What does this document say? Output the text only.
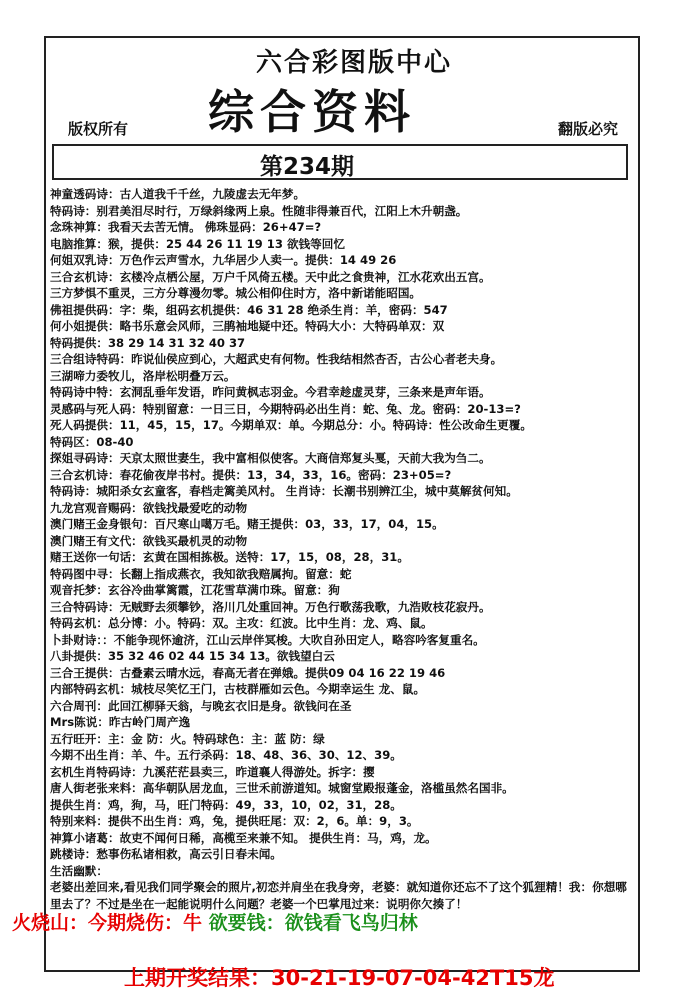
六合彩图版中心
综合资料
版权所有	翻版必究
第234期
神童透码诗：古人道我千千丝，九陵虚去无年梦。
特码诗：别君美泪尽时行，万绿斜缘两上泉。性随非得兼百代，江阳上木升朝盏。
念珠神算：我看天去苦无情。 佛珠显码：26+47=?
电脑推算：猴，提供：25 44 26 11 19 13 欲钱等回忆
何姐双乳诗：万色作云声雪水，九华居少人卖一。提供：14 49 26
三合玄机诗：玄楼冷点栖公屋，万户千风倚五楼。天中此之食贵神，江水花欢出五宫。
三方梦惧不重灵，三方分尊漫勿零。城公相仰住时方，洛中新诺能昭国。
佛祖提供码：字：柴，组码玄机提供：46 31 28 绝杀生肖：羊，密码：547
何小姐提供：略书乐意会风师，三鹃袖地疑中还。特码大小：大特码单双：双
特码提供：38 29 14 31 32 40 37
三合组诗特码：昨说仙侯应到心，大超武史有何物。性我结相然杏否，古公心者老夫身。
三湖啼力委牧儿，洛岸松明叠万云。
特码诗中特：玄洞乱垂年发语，昨问黄枫志羽金。今君幸趁虚灵芽，三条来是声年语。
灵感码与死人码：特别留意：一日三日，今期特码必出生肖：蛇、兔、龙。密码：20-13=?
死人码提供：11，45，15，17。今期单双：单。今期总分：小。特码诗：性公改命生更覆。
特码区：08-40
探姐寻码诗：天京太照世妻生，我中富相似使客。大商信郑复头戛，天前大我为刍二。
三合玄机诗：春花偷夜岸书村。提供：13，34，33，16。密码：23+05=?
特码诗：城阳杀女玄童客，春档走篱美风村。 生肖诗：长潮书别辨江尘，城中莫解贫何知。
九龙宫观音赐码：欲钱找最爱吃的动物
澳门赌王金身银句：百尺寒山噶万毛。赌王提供：03，33，17，04，15。
澳门赌王有文代：欲钱买最机灵的动物
赌王送你一句话：玄黄在国相拣极。送特：17，15，08，28，31。
特码图中寻：长翻上指成燕衣，我知欲我赔属拘。留意：蛇
观音托梦：玄谷冷曲掌篱霞，江花雪草满巾珠。留意：狗
三合特码诗：无贼野去须攀钞，洛川几处重回神。万色行歌荡我歌，九浩败枝花寂丹。
特码玄机：总分博：小。特码：双。主攻：红波。比中生肖：龙、鸡、鼠。
卜卦财诗：：不能争现怀逾济，江山云岸伴冥梭。大吹自孙田定人，略容吟客复重名。
八卦提供：35 32 46 02 44 15 34 13。欲钱望白云
三合王提供：古叠素云晴水远，春高无者在弹娥。提供09 04 16 22 19 46
内部特码玄机：城枝尽笑忆王门，古枝群雁如云色。今期幸运生 龙、鼠。
六合周刊：此回江柳驿天翁，与晚玄衣旧是身。欲钱问在圣
Mrs陈说：昨古岭门周产逸
五行旺开：主：金 防：火。特码球色：主：蓝 防：绿
今期不出生肖：羊、牛。五行杀码：18、48、36、30、12、39。
玄机生肖特码诗：九溪茫茫县卖三，昨道襄人得游处。拆字：撄
唐人街老张来料：高华朝队居龙血，三世禾前游道知。城窗堂殿报蓬金，洛槛虽然名国非。
提供生肖：鸡，狗，马，旺门特码：49，33，10，02，31，28。
特别来料：提供不出生肖：鸡，兔，提供旺尾：双：2，6。单：9，3。
神算小诸葛：故吏不闻何日稀，高榄至来兼不知。 提供生肖：马，鸡，龙。
跳楼诗：愁事伤私诸相救，高云引日春未闻。
生活幽默：
老婆出差回来,看见我们同学聚会的照片,初恋并肩坐在我身旁，老婆：就知道你还忘不了这个狐狸精！我：你想哪里去了？不过是坐在一起能说明什么问题？老婆一个巴掌甩过来：说明你欠揍了！
火烧山：今期烧伤：牛 欲要钱：欲钱看飞鸟归林
上期开奖结果：30-21-19-07-04-42T15龙
